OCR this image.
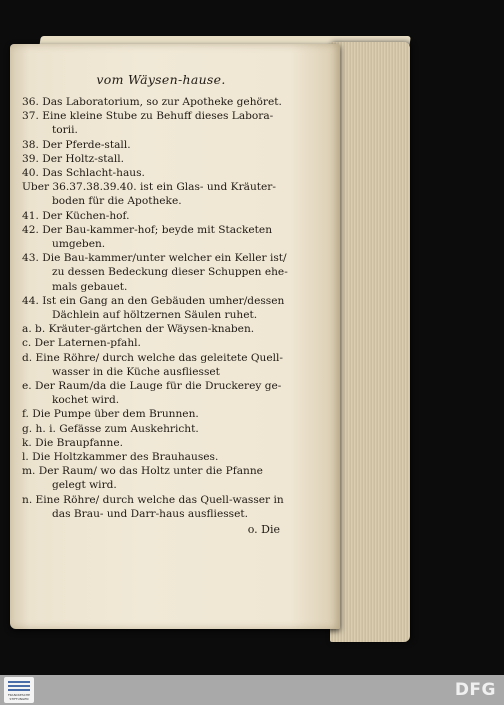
vom Wäysen-hause.
36. Das Laboratorium, so zur Apotheke gehöret.
37. Eine kleine Stube zu Behuff dieses Labora-
torii.
38. Der Pferde-stall.
39. Der Holtz-stall.
40. Das Schlacht-haus.
Uber 36.37.38.39.40. ist ein Glas- und Kräuter-
boden für die Apotheke.
41. Der Küchen-hof.
42. Der Bau-kammer-hof; beyde mit Stacketen
umgeben.
43. Die Bau-kammer/unter welcher ein Keller ist/
zu dessen Bedeckung dieser Schuppen ehe-
mals gebauet.
44. Ist ein Gang an den Gebäuden umher/dessen
Dächlein auf höltzernen Säulen ruhet.
a. b. Kräuter-gärtchen der Wäysen-knaben.
c. Der Laternen-pfahl.
d. Eine Röhre/ durch welche das geleitete Quell-
wasser in die Küche ausfliesset
e. Der Raum/da die Lauge für die Druckerey ge-
kochet wird.
f. Die Pumpe über dem Brunnen.
g. h. i. Gefässe zum Auskehricht.
k. Die Braupfanne.
l. Die Holtzkammer des Brauhauses.
m. Der Raum/ wo das Holtz unter die Pfanne
gelegt wird.
n. Eine Röhre/ durch welche das Quell-wasser in
das Brau- und Darr-haus ausfliesset.
o. Die
FRANCKESCHE STIFTUNGEN	DFG
